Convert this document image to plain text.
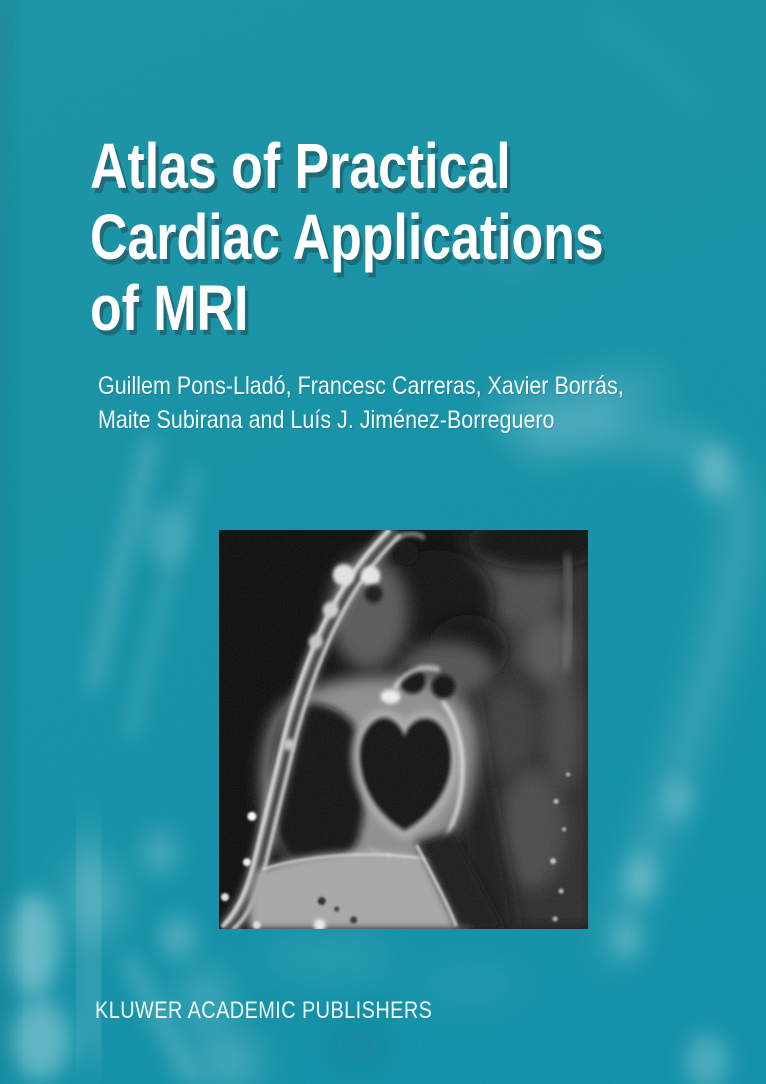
Atlas of Practical
Cardiac Applications
of MRI
Guillem Pons-Lladó, Francesc Carreras, Xavier Borrás,
Maite Subirana and Luís J. Jiménez-Borreguero
KLUWER ACADEMIC PUBLISHERS
